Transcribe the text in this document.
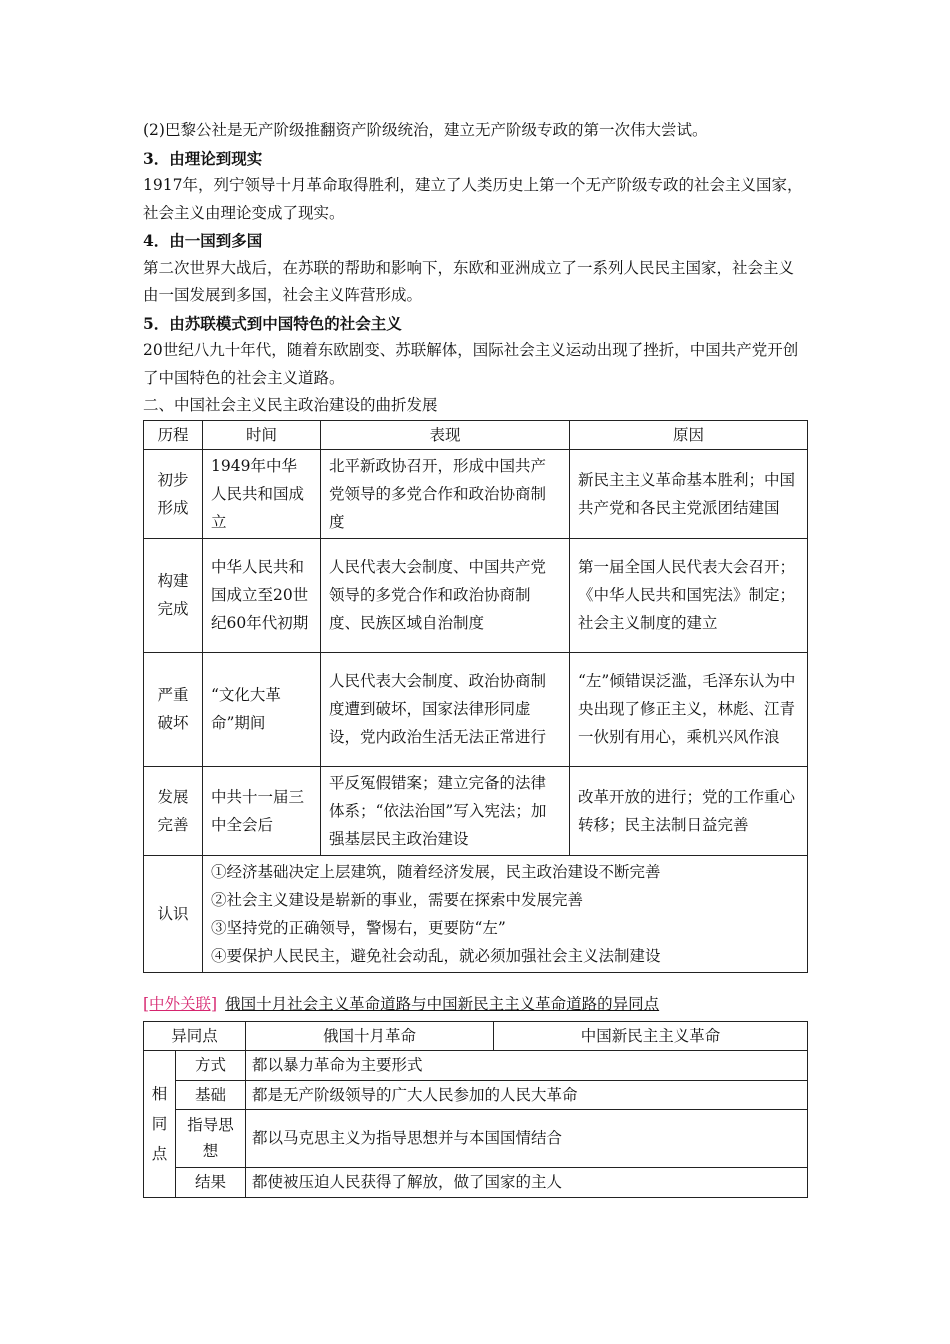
(2)巴黎公社是无产阶级推翻资产阶级统治，建立无产阶级专政的第一次伟大尝试。
3．由理论到现实
1917年，列宁领导十月革命取得胜利，建立了人类历史上第一个无产阶级专政的社会主义国家，社会主义由理论变成了现实。
4．由一国到多国
第二次世界大战后，在苏联的帮助和影响下，东欧和亚洲成立了一系列人民民主国家，社会主义由一国发展到多国，社会主义阵营形成。
5．由苏联模式到中国特色的社会主义
20世纪八九十年代，随着东欧剧变、苏联解体，国际社会主义运动出现了挫折，中国共产党开创了中国特色的社会主义道路。
二、中国社会主义民主政治建设的曲折发展
历程	时间	表现	原因
初步形成	1949年中华人民共和国成立	北平新政协召开，形成中国共产党领导的多党合作和政治协商制度	新民主主义革命基本胜利；中国共产党和各民主党派团结建国
构建完成	中华人民共和国成立至20世纪60年代初期	人民代表大会制度、中国共产党领导的多党合作和政治协商制度、民族区域自治制度	第一届全国人民代表大会召开；《中华人民共和国宪法》制定；社会主义制度的建立
严重破坏	“文化大革命”期间	人民代表大会制度、政治协商制度遭到破坏，国家法律形同虚设，党内政治生活无法正常进行	“左”倾错误泛滥，毛泽东认为中央出现了修正主义，林彪、江青一伙别有用心，乘机兴风作浪
发展完善	中共十一届三中全会后	平反冤假错案；建立完备的法律体系；“依法治国”写入宪法；加强基层民主政治建设	改革开放的进行；党的工作重心转移；民主法制日益完善
认识	①经济基础决定上层建筑，随着经济发展，民主政治建设不断完善
②社会主义建设是崭新的事业，需要在探索中发展完善
③坚持党的正确领导，警惕右，更要防“左”
④要保护人民民主，避免社会动乱，就必须加强社会主义法制建设		
[中外关联] 俄国十月社会主义革命道路与中国新民主主义革命道路的异同点
异同点		俄国十月革命	中国新民主主义革命

相同点	方式	都以暴力革命为主要形式	
	基础	都是无产阶级领导的广大人民参加的人民大革命	
	指导思想	都以马克思主义为指导思想并与本国国情结合	
	结果	都使被压迫人民获得了解放，做了国家的主人	
